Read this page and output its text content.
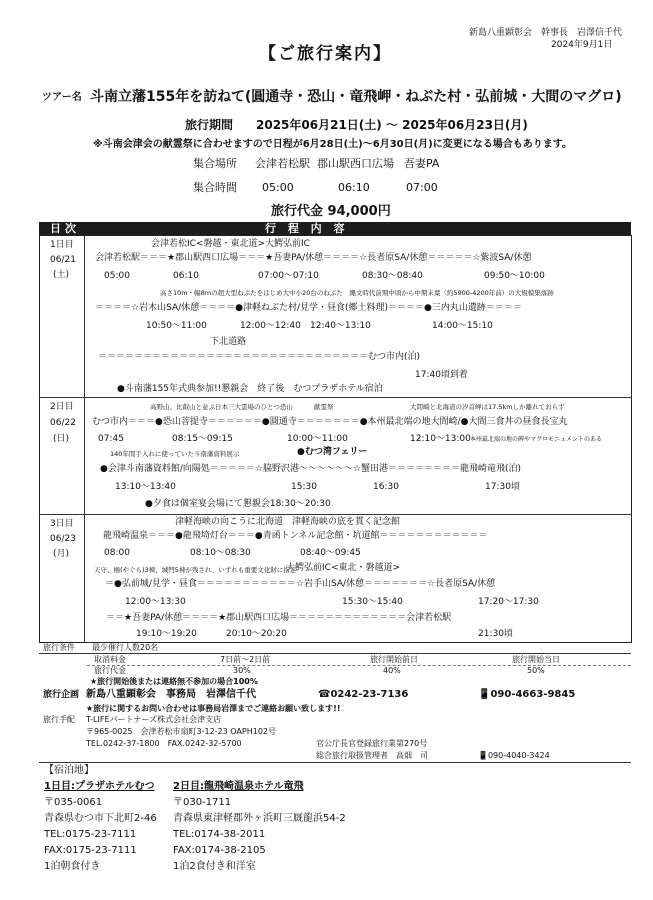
新島八重顕彰会　幹事長　岩澤信千代
2024年9月1日
【ご旅行案内】
ツアー名 斗南立藩155年を訪ねて(圓通寺・恐山・竜飛岬・ねぶた村・弘前城・大間のマグロ)
旅行期間 2025年06月21日(土) ～ 2025年06月23日(月)
※斗南会津会の献霊祭に合わせますので日程が6月28日(土)～6月30日(月)に変更になる場合もあります。
集合場所 会津若松駅 郡山駅西口広場 吾妻PA
集合時間 05:00	06:10	07:00
旅行代金 94,000円
日次	行 程 内 容
1日目
06/21
(土)
会津若松IC<磐越・東北道>大鰐弘前IC
会津若松駅＝＝＝★郡山駅西口広場＝＝＝★吾妻PA/休憩＝＝＝＝☆長者原SA/休憩＝＝＝＝＝☆紫波SA/休憩
05:00	06:10	07:00～07:10	08:30～08:40	09:50～10:00
高さ10m・幅8mの超大型ねぶたをはじめ大中小20台のねぶた　縄文時代前期中頃から中期末葉（約5900-4200年前）の大規模集落跡
＝＝＝＝☆岩木山SA/休憩＝＝＝＝●津軽ねぶた村/見学・昼食(郷土料理)＝＝＝＝●三内丸山遺跡＝＝＝＝
10:50～11:00	12:00～12:40 12:40～13:10	14:00～15:10
下北道路
＝＝＝＝＝＝＝＝＝＝＝＝＝＝＝＝＝＝＝＝＝＝＝＝＝＝＝＝＝＝むつ市内(泊)
17:40頃到着
●斗南藩155年式典参加!!懇親会　終了後　むつプラザホテル宿泊
2日目
06/22
(日)
高野山、比叡山と並ぶ日本三大霊場のひとつ恐山	献霊祭	大間崎と北海道の汐首岬は17.5kmしか離れておらず
むつ市内＝＝＝●恐山菩提寺＝＝＝＝＝＝●圓通寺＝＝＝＝＝＝＝●本州最北端の地大間崎/●大間三食丼の昼食長宝丸
07:45	08:15～09:15	10:00～11:00	12:10～13:00 本州最北端の地の碑やマグロモニュメントのある
140年間手入れに使っていた斗南藩資料展示	●むつ湾フェリー
●会津斗南藩資料館/向陽処＝＝＝＝＝☆脇野沢港～～～～～～☆蟹田港＝＝＝＝＝＝＝＝龍飛崎竜飛(泊)
13:10～13:40	15:30	16:30	17:30頃
●夕食は個室宴会場にて懇親会18:30～20:30
3日目
06/23
(月)
津軽海峡の向こうに北海道　津軽海峡の底を貫く記念館
龍飛崎温泉＝＝＝●龍飛埼灯台＝＝＝●青函トンネル記念館・坑道館＝＝＝＝＝＝＝＝＝＝＝＝
08:00	08:10～08:30	08:40～09:45
天守、櫓(やぐら)3棟、城門5棟が残され、いずれも重要文化財に指定
大鰐弘前IC<東北・磐越道>
＝●弘前城/見学・昼食＝＝＝＝＝＝＝＝＝＝＝☆岩手山SA/休憩＝＝＝＝＝＝＝☆長者原SA/休憩
12:00～13:30	15:30～15:40	17:20～17:30
＝＝★吾妻PA/休憩＝＝＝＝★郡山駅西口広場＝＝＝＝＝＝＝＝＝＝＝＝＝会津若松駅
19:10～19:20	20:10～20:20	21:30頃
旅行条件 最少催行人数20名
取消料金	7日前～2日前	旅行開始前日	旅行開始当日
旅行代金	30%	40%	50%
★旅行開始後または連絡無不参加の場合100%
旅行企画 新島八重顕彰会　事務局　岩澤信千代	☎0242-23-7136	📱090-4663-9845
★旅行に関するお問い合わせは事務局岩澤までご連絡お願い致します!!
旅行手配 T-LIFEパートナーズ株式会社会津支店
〒965-0025　会津若松市扇町3-12-23 OAPH102号
TEL.0242-37-1800　FAX.0242-32-5700	官公庁長官登録旅行業第270号
総合旅行取扱管理者　高畑　司	📱090-4040-3424
【宿泊地】
1日目:プラザホテルむつ
〒035-0061
青森県むつ市下北町2-46
TEL:0175-23-7111
FAX:0175-23-7111
1泊朝食付き
2日目:龍飛崎温泉ホテル竜飛
〒030-1711
青森県東津軽郡外ヶ浜町三厩龍浜54-2
TEL:0174-38-2011
FAX:0174-38-2105
1泊2食付き和洋室
